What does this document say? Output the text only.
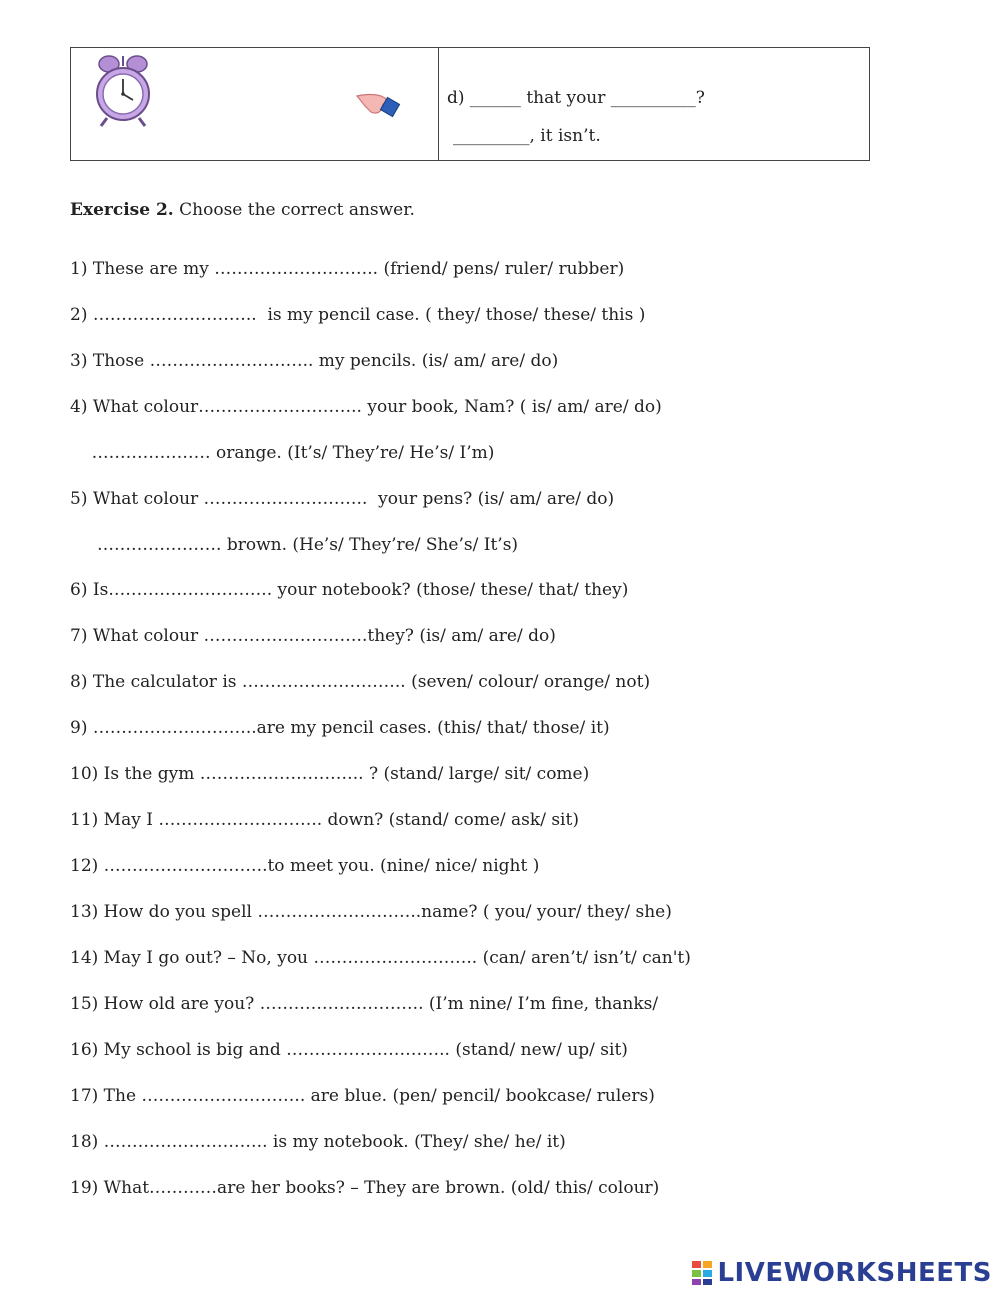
d) ______ that your __________?
_________, it isn’t.
Exercise 2. Choose the correct answer.
1) These are my ……………………….. (friend/ pens/ ruler/ rubber)
2) ………………………..  is my pencil case. ( they/ those/ these/ this )
3) Those ……………………….. my pencils. (is/ am/ are/ do)
4) What colour……………………….. your book, Nam? ( is/ am/ are/ do)
………………… orange. (It’s/ They’re/ He’s/ I’m)
5) What colour ………………………..  your pens? (is/ am/ are/ do)
…………………. brown. (He’s/ They’re/ She’s/ It’s)
6) Is……………………….. your notebook? (those/ these/ that/ they)
7) What colour ………………………..they? (is/ am/ are/ do)
8) The calculator is ……………………….. (seven/ colour/ orange/ not)
9) ………………………..are my pencil cases. (this/ that/ those/ it)
10) Is the gym ……………………….. ? (stand/ large/ sit/ come)
11) May I ……………………….. down? (stand/ come/ ask/ sit)
12) ………………………..to meet you. (nine/ nice/ night )
13) How do you spell ………………………..name? ( you/ your/ they/ she)
14) May I go out? – No, you ……………………….. (can/ aren’t/ isn’t/ can't)
15) How old are you? ……………………….. (I’m nine/ I’m fine, thanks/
16) My school is big and ……………………….. (stand/ new/ up/ sit)
17) The ……………………….. are blue. (pen/ pencil/ bookcase/ rulers)
18) ……………………….. is my notebook. (They/ she/ he/ it)
19) What…………are her books? – They are brown. (old/ this/ colour)
LIVEWORKSHEETS
